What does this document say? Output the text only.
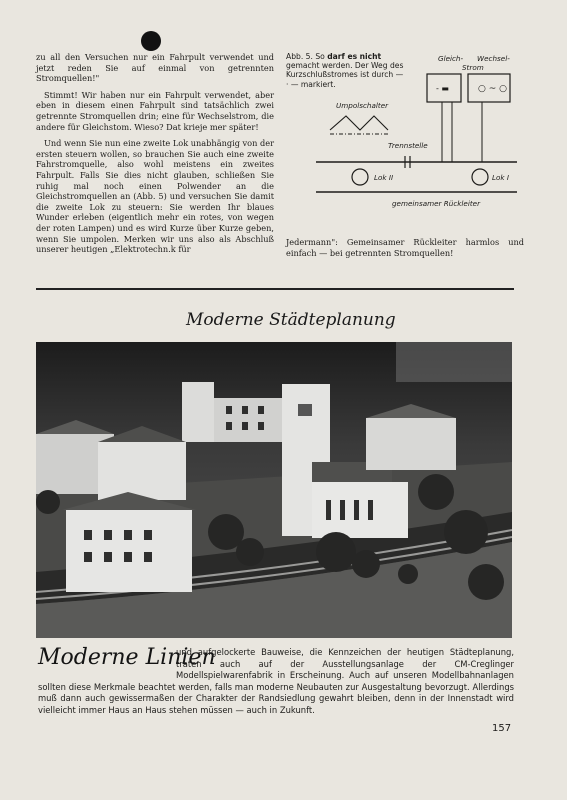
zu all den Versuchen nur ein Fahrpult verwendet und jetzt reden Sie auf einmal von getrennten Stromquellen!"

Stimmt! Wir haben nur ein Fahrpult verwendet, aber eben in diesem einen Fahrpult sind tatsächlich zwei getrennte Stromquellen drin; eine für Wechselstrom, die andere für Gleichstom. Wieso? Dat krieje mer später!

Und wenn Sie nun eine zweite Lok unabhängig von der ersten steuern wollen, so brauchen Sie auch eine zweite Fahrstromquelle, also wohl meistens ein zweites Fahrpult. Falls Sie dies nicht glauben, schließen Sie ruhig mal noch einen Polwender an die Gleichstromquellen an (Abb. 5) und versuchen Sie damit die zweite Lok zu steuern: Sie werden Ihr blaues Wunder erleben (eigentlich mehr ein rotes, von wegen der roten Lampen) und es wird Kurze über Kurze geben, wenn Sie umpolen. Merken wir uns also als Abschluß unserer heutigen „Elektrotechn.k für

Abb. 5. So darf es nicht gemacht werden. Der Weg des Kurzschlußstromes ist durch — · — markiert.
Gleich- Wechsel-
Strom
- ▬	○ ~ ○
Umpolschalter
Trennstelle
Lok II	Lok I
gemeinsamer Rückleiter
Jedermann": Gemeinsamer Rückleiter harmlos und einfach — bei getrennten Stromquellen!
Moderne Städteplanung
Moderne Linien
und aufgelockerte Bauweise, die Kennzeichen der heutigen Städteplanung, traten auch auf der Ausstellungsanlage der CM-Creglinger Modellspielwarenfabrik in Erscheinung. Auch auf unseren Modellbahnanlagen sollten diese Merkmale beachtet werden, falls man moderne Neubauten zur Ausgestaltung bevorzugt. Allerdings muß dann auch gewissermaßen der Charakter der Randsiedlung gewahrt bleiben, denn in der Innenstadt wird vielleicht immer Haus an Haus stehen müssen — auch in Zukunft.
157
